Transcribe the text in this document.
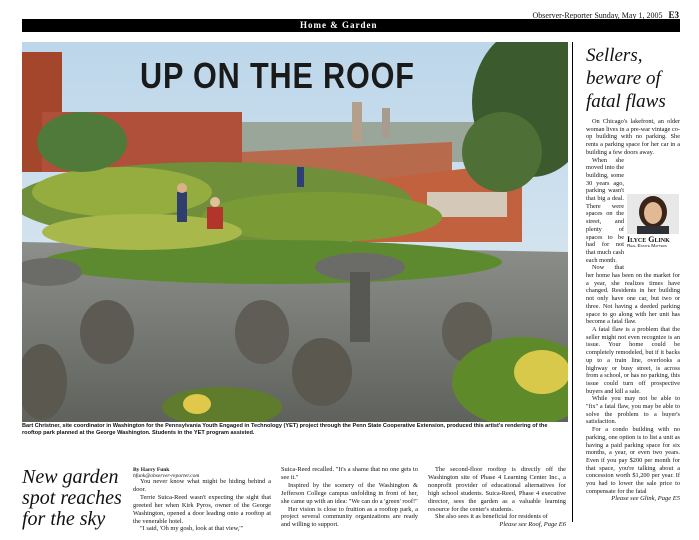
Home & Garden
Observer-Reporter Sunday, May 1, 2005 E3
UP ON THE ROOF
Bart Christner, site coordinator in Washington for the Pennsylvania Youth Engaged in Technology (YET) project through the Penn State Cooperative Extension, produced this artist's rendering of the rooftop park planned at the George Washington. Students in the YET program assisted.
New garden spot reaches for the sky
By Harry Funk
hfunk@observer-reporter.com

You never know what might be hiding behind a door.

Terrie Suica-Reed wasn't expecting the sight that greeted her when Kirk Pyros, owner of the George Washington, opened a door leading onto a rooftop at the venerable hotel.

"I said, 'Oh my gosh, look at that view,'"

Suica-Reed recalled. "It's a shame that no one gets to see it."

Inspired by the scenery of the Washington & Jefferson College campus unfolding in front of her, she came up with an idea: "We can do a 'green' roof!"

Her vision is close to fruition as a rooftop park, a project several community organizations are ready and willing to support.

The second-floor rooftop is directly off the Washington site of Phase 4 Learning Center Inc., a nonprofit provider of educational alternatives for high school students. Suica-Reed, Phase 4 executive director, sees the garden as a valuable learning resource for the center's students.

She also sees it as beneficial for residents of

Please see Roof, Page E6

Sellers, beware of fatal flaws

On Chicago's lakefront, an older woman lives in a pre-war vintage co-op building with no parking. She rents a parking space for her car in a building a few doors away.

When she moved into the building, some 30 years ago, parking wasn't that big a deal. There were spaces on the street, and plenty of spaces to be had for not that much cash each month.

Now that her home has been on the market for a year, she realizes times have changed. Residents in her building not only have one car, but two or three. Not having a deeded parking space to go along with her unit has become a fatal flaw.

A fatal flaw is a problem that the seller might not even recognize is an issue. Your home could be completely remodeled, but if it backs up to a train line, overlooks a highway or busy street, is across from a school, or has no parking, this issue could turn off prospective buyers and kill a sale.

While you may not be able to "fix" a fatal flaw, you may be able to solve the problem to a buyer's satisfaction.

For a condo building with no parking, one option is to list a unit as having a paid parking space for six months, a year, or even two years. Even if you pay $200 per month for that space, you're talking about a concession worth $1,200 per year. If you had to lower the sale price to compensate for the fatal

Please see Glink, Page E5

Ilyce Glink
Real Estate Matters
